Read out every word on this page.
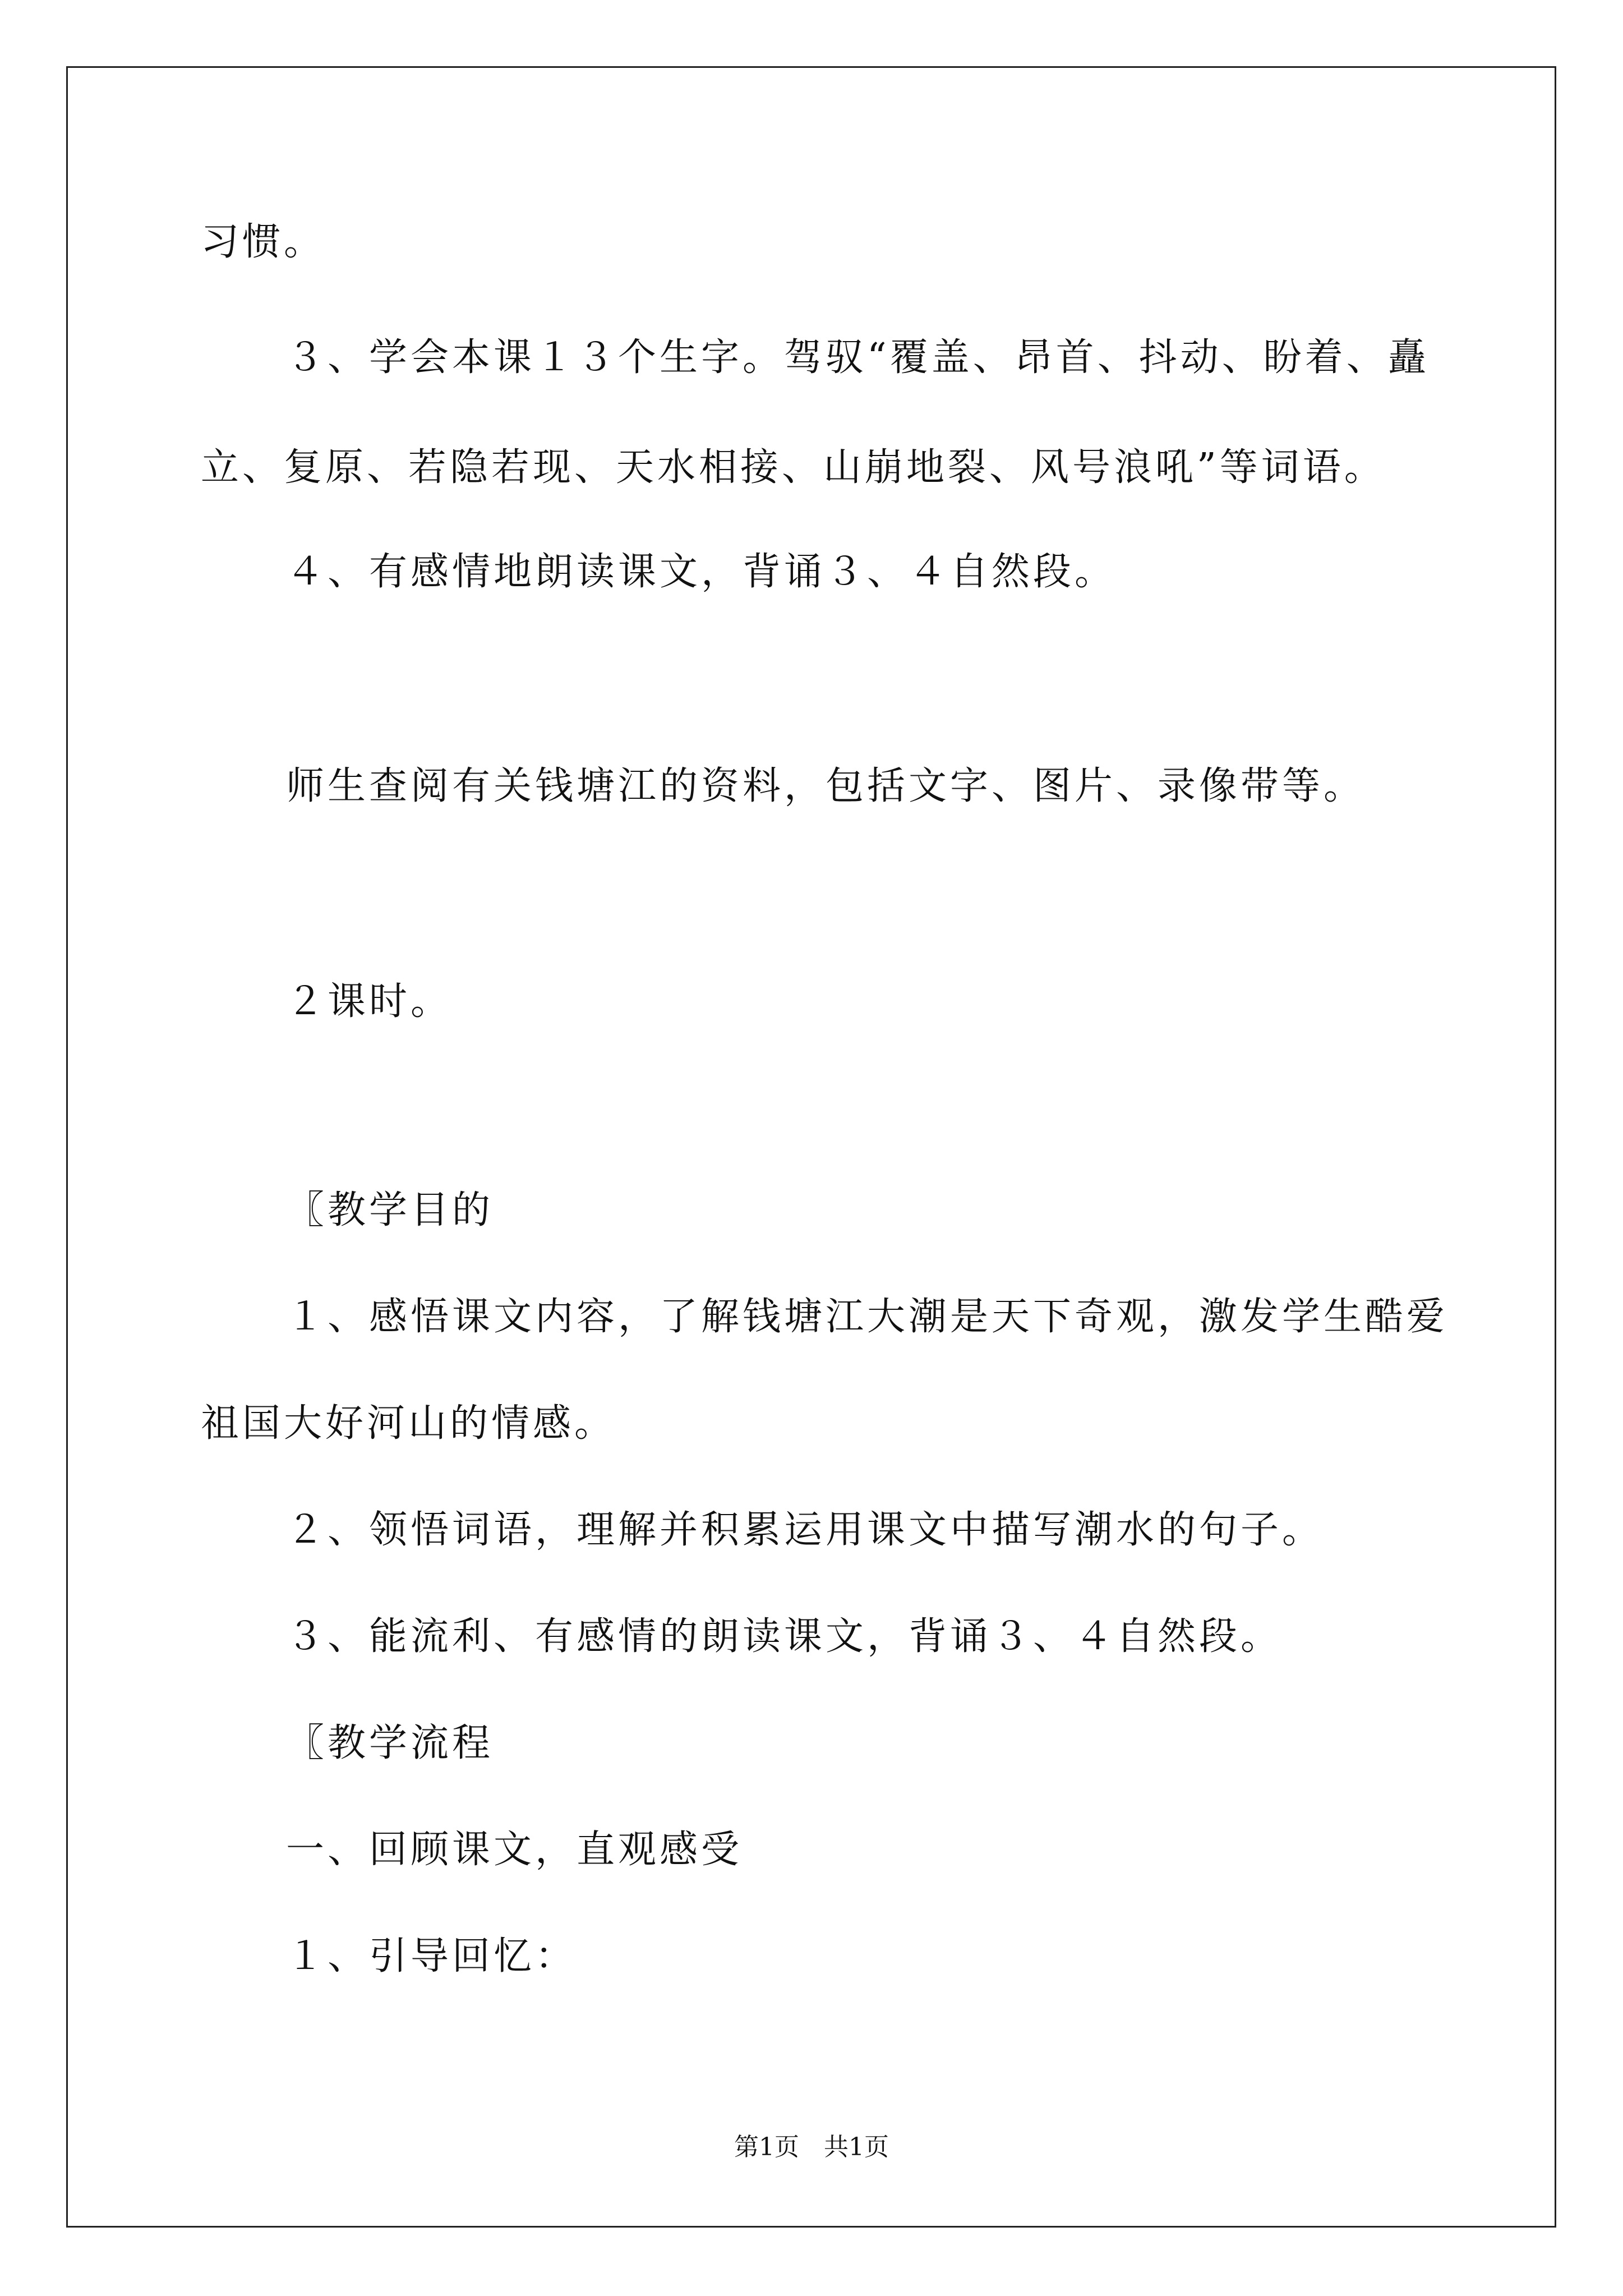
习惯。
３、学会本课１３个生字。驾驭“覆盖、昂首、抖动、盼着、矗
立、复原、若隐若现、天水相接、山崩地裂、风号浪吼”等词语。
４、有感情地朗读课文，背诵３、４自然段。
师生查阅有关钱塘江的资料，包括文字、图片、录像带等。
２课时。
〖教学目的
１、感悟课文内容，了解钱塘江大潮是天下奇观，激发学生酷爱
祖国大好河山的情感。
２、领悟词语，理解并积累运用课文中描写潮水的句子。
３、能流利、有感情的朗读课文，背诵３、４自然段。
〖教学流程
一、回顾课文，直观感受
１、引导回忆：
第1页　共1页
